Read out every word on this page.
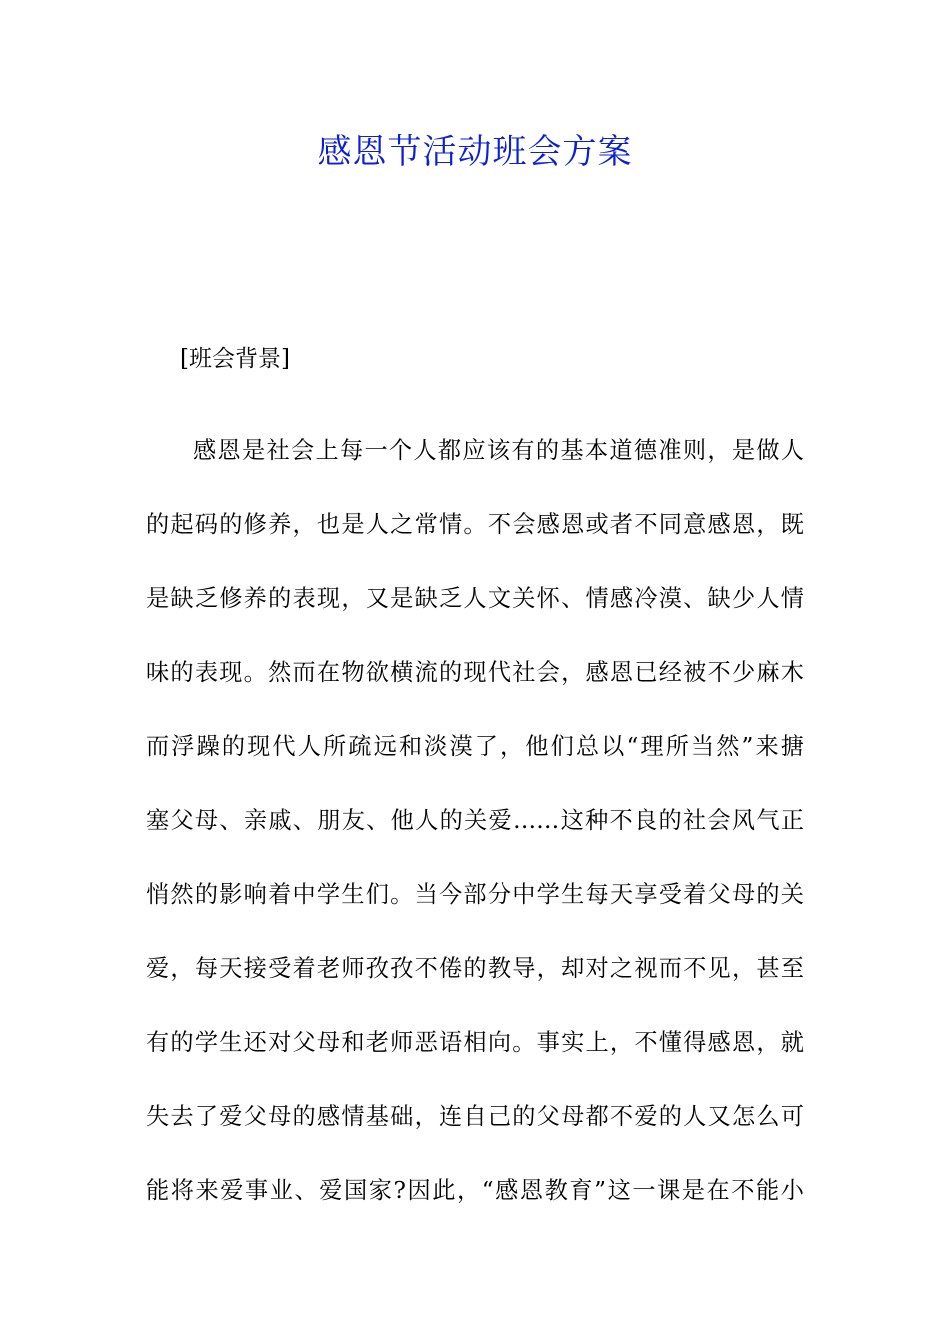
感恩节活动班会方案
[班会背景]
感恩是社会上每一个人都应该有的基本道德准则，是做人
的起码的修养，也是人之常情。不会感恩或者不同意感恩，既
是缺乏修养的表现，又是缺乏人文关怀、情感冷漠、缺少人情
味的表现。然而在物欲横流的现代社会，感恩已经被不少麻木
而浮躁的现代人所疏远和淡漠了，他们总以“理所当然”来搪
塞父母、亲戚、朋友、他人的关爱……这种不良的社会风气正
悄然的影响着中学生们。当今部分中学生每天享受着父母的关
爱，每天接受着老师孜孜不倦的教导，却对之视而不见，甚至
有的学生还对父母和老师恶语相向。事实上，不懂得感恩，就
失去了爱父母的感情基础，连自己的父母都不爱的人又怎么可
能将来爱事业、爱国家?因此，“感恩教育”这一课是在不能小
